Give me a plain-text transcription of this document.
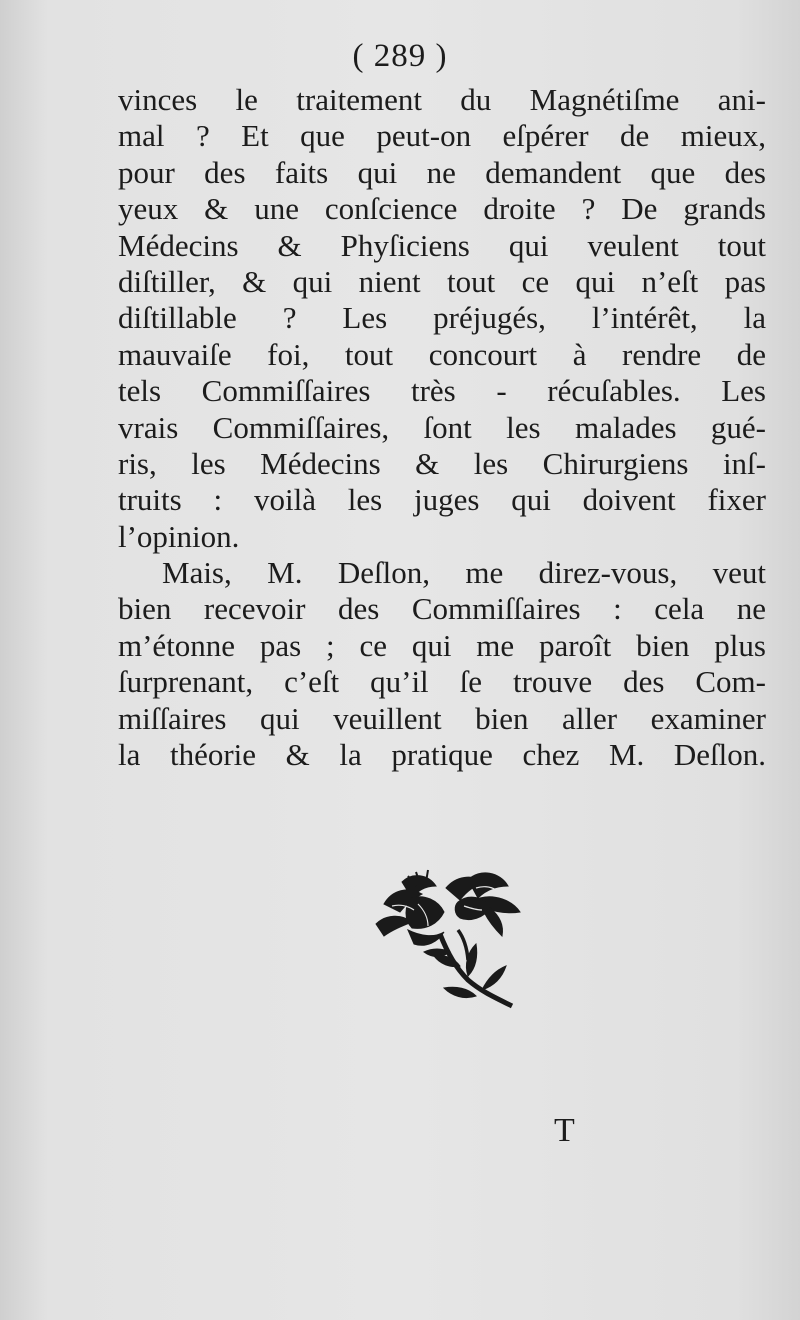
( 289 )
vinces le traitement du Magnétiſme ani-
mal ? Et que peut-on eſpérer de mieux,
pour des faits qui ne demandent que des
yeux & une conſcience droite ? De grands
Médecins & Phyſiciens qui veulent tout
diſtiller, & qui nient tout ce qui n’eſt pas
diſtillable ? Les préjugés, l’intérêt, la
mauvaiſe foi, tout concourt à rendre de
tels Commiſſaires très - récuſables. Les
vrais Commiſſaires, ſont les malades gué-
ris, les Médecins & les Chirurgiens inſ-
truits : voilà les juges qui doivent fixer
l’opinion.
Mais, M. Deſlon, me direz-vous, veut
bien recevoir des Commiſſaires : cela ne
m’étonne pas ; ce qui me paroît bien plus
ſurprenant, c’eſt qu’il ſe trouve des Com-
miſſaires qui veuillent bien aller examiner
la théorie & la pratique chez M. Deſlon.
T
